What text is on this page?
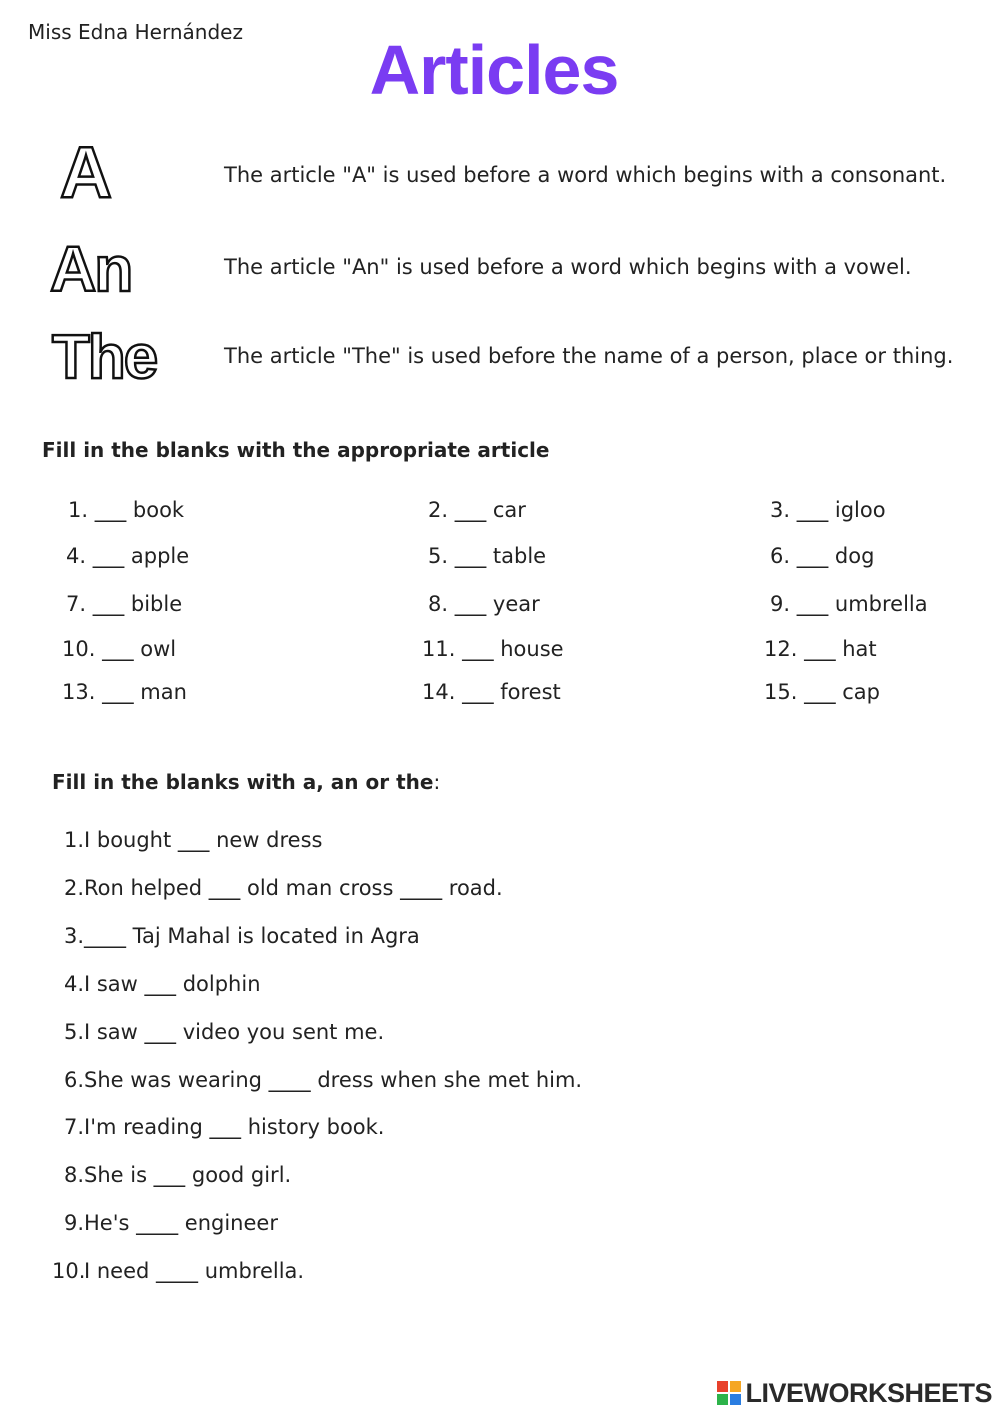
Miss Edna Hernández	Articles
A	The article "A" is used before a word which begins with a consonant.
An	The article "An" is used before a word which begins with a vowel.
The	The article "The" is used before the name of a person, place or thing.
Fill in the blanks with the appropriate article
1. ___ book	2. ___ car	3. ___ igloo
4. ___ apple	5. ___ table	6. ___ dog
7. ___ bible	8. ___ year	9. ___ umbrella
10. ___ owl	11. ___ house	12. ___ hat
13. ___ man	14. ___ forest	15. ___ cap
Fill in the blanks with a, an or the:
1.I bought ___ new dress
2.Ron helped ___ old man cross ____ road.
3.____ Taj Mahal is located in Agra
4.I saw ___ dolphin
5.I saw ___ video you sent me.
6.She was wearing ____ dress when she met him.
7.I'm reading ___ history book.
8.She is ___ good girl.
9.He's ____ engineer
10.I need ____ umbrella.
LIVEWORKSHEETS
